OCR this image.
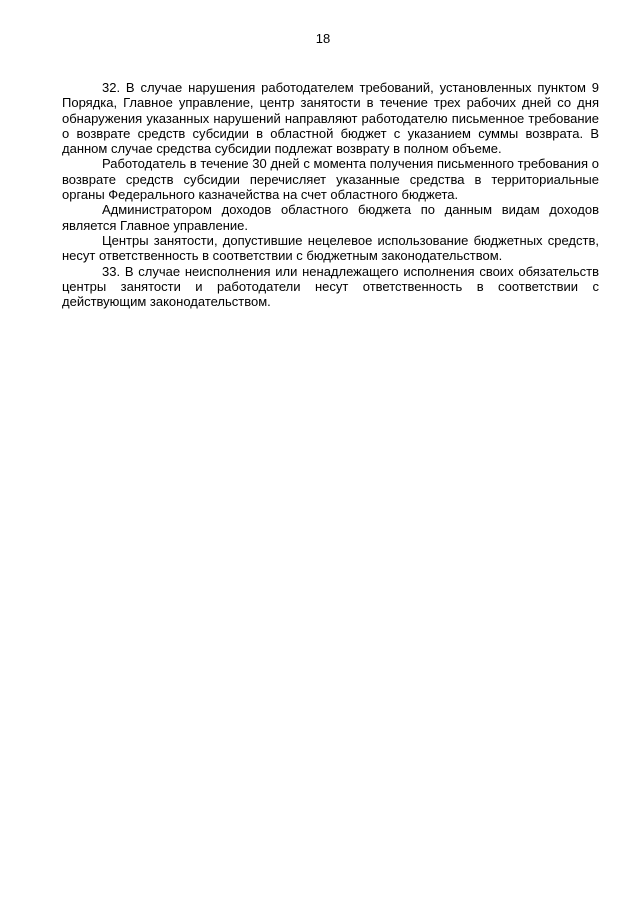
18

32. В случае нарушения работодателем требований, установленных пунктом 9 Порядка, Главное управление, центр занятости в течение трех рабочих дней со дня обнаружения указанных нарушений направляют работодателю письменное требование о возврате средств субсидии в областной бюджет с указанием суммы возврата. В данном случае средства субсидии подлежат возврату в полном объеме.

Работодатель в течение 30 дней с момента получения письменного требования о возврате средств субсидии перечисляет указанные средства в территориальные органы Федерального казначейства на счет областного бюджета.

Администратором доходов областного бюджета по данным видам доходов является Главное управление.

Центры занятости, допустившие нецелевое использование бюджетных средств, несут ответственность в соответствии с бюджетным законодательством.

33. В случае неисполнения или ненадлежащего исполнения своих обязательств центры занятости и работодатели несут ответственность в соответствии с действующим законодательством.
